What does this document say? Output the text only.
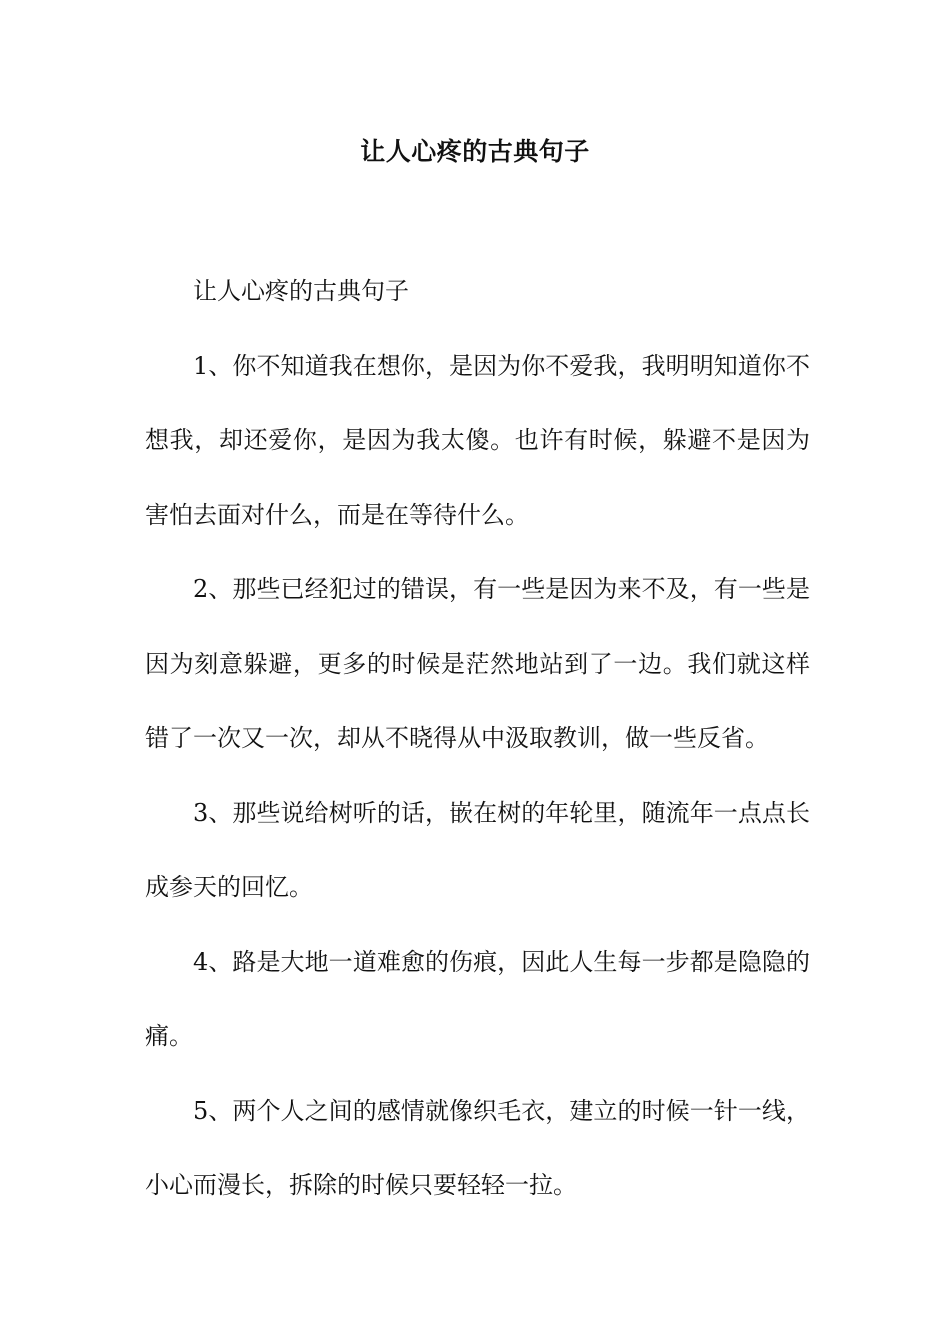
让人心疼的古典句子

让人心疼的古典句子

1、你不知道我在想你，是因为你不爱我，我明明知道你不想我，却还爱你，是因为我太傻。也许有时候，躲避不是因为害怕去面对什么，而是在等待什么。

2、那些已经犯过的错误，有一些是因为来不及，有一些是因为刻意躲避，更多的时候是茫然地站到了一边。我们就这样错了一次又一次，却从不晓得从中汲取教训，做一些反省。

3、那些说给树听的话，嵌在树的年轮里，随流年一点点长成参天的回忆。

4、路是大地一道难愈的伤痕，因此人生每一步都是隐隐的痛。

5、两个人之间的感情就像织毛衣，建立的时候一针一线，小心而漫长，拆除的时候只要轻轻一拉。
